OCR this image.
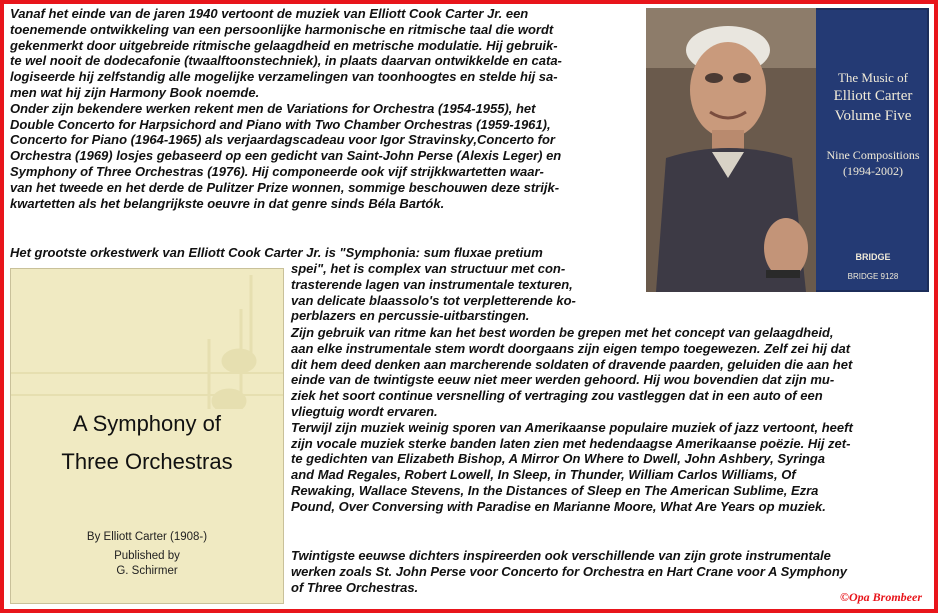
Vanaf het einde van de jaren 1940 vertoont de muziek van Elliott Cook Carter Jr. een
toenemende ontwikkeling van een persoonlijke harmonische en ritmische taal die wordt
gekenmerkt door uitgebreide ritmische gelaagdheid en metrische modulatie. Hij gebruik-
te wel nooit de dodecafonie (twaalftoonstechniek), in plaats daarvan ontwikkelde en cata-
logiseerde hij zelfstandig alle mogelijke verzamelingen van toonhoogtes en stelde hij sa-
men wat hij zijn Harmony Book noemde.
Onder zijn bekendere werken rekent men de Variations for Orchestra (1954-1955), het
Double Concerto for Harpsichord and Piano with Two Chamber Orchestras (1959-1961),
Concerto for Piano (1964-1965) als verjaardagscadeau voor Igor Stravinsky,Concerto for
Orchestra (1969) losjes gebaseerd op een gedicht van Saint-John Perse (Alexis Leger) en
Symphony of Three Orchestras (1976). Hij componeerde ook vijf strijkkwartetten waar-
van het tweede en het derde de Pulitzer Prize wonnen, sommige beschouwen deze strijk-
kwartetten als het belangrijkste oeuvre in dat genre sinds Béla Bartók.
Het grootste orkestwerk van Elliott Cook Carter Jr. is "Symphonia: sum fluxae pretium
spei", het is complex van structuur met con-
trasterende lagen van instrumentale texturen,
van delicate blaassolo's tot verpletterende ko-
perblazers en percussie-uitbarstingen.
Zijn gebruik van ritme kan het best worden be grepen met het concept van gelaagdheid,
aan elke instrumentale stem wordt doorgaans zijn eigen tempo toegewezen. Zelf zei hij dat
dit hem deed denken aan marcherende soldaten of dravende paarden, geluiden die aan het
einde van de twintigste eeuw niet meer werden gehoord. Hij wou bovendien dat zijn mu-
ziek het soort continue versnelling of vertraging zou vastleggen dat in een auto of een
vliegtuig wordt ervaren.
Terwijl zijn muziek weinig sporen van Amerikaanse populaire muziek of jazz vertoont, heeft
zijn vocale muziek sterke banden laten zien met hedendaagse Amerikaanse poëzie. Hij zet-
te gedichten van Elizabeth Bishop, A Mirror On Where to Dwell, John Ashbery, Syringa
and Mad Regales, Robert Lowell, In Sleep, in Thunder, William Carlos Williams, Of
Rewaking, Wallace Stevens, In the Distances of Sleep en The American Sublime, Ezra
Pound, Over Conversing with Paradise en Marianne Moore, What Are Years op muziek.
Twintigste eeuwse dichters inspireerden ook verschillende van zijn grote instrumentale
werken zoals St. John Perse voor Concerto for Orchestra en Hart Crane voor A Symphony
of Three Orchestras.
The Music of
Elliott Carter
Volume Five
Nine Compositions
(1994-2002)
BRIDGE
BRIDGE 9128
A Symphony of
Three Orchestras
By Elliott Carter (1908-)
Published by
G. Schirmer
©Opa Brombeer
